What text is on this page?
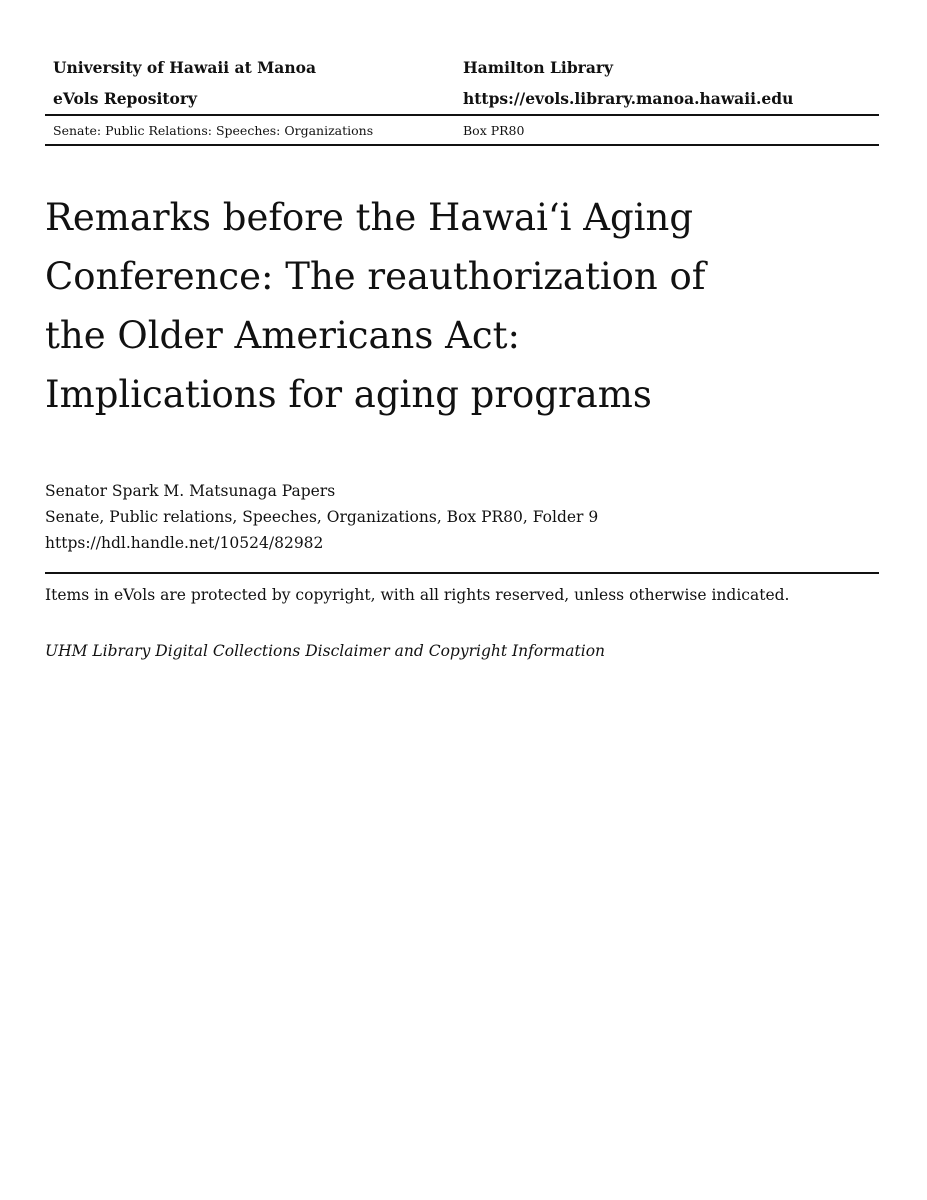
University of Hawaii at Manoa	Hamilton Library
eVols Repository	https://evols.library.manoa.hawaii.edu
Senate: Public Relations: Speeches: Organizations	Box PR80
Remarks before the Hawaiʻi Aging
Conference: The reauthorization of
the Older Americans Act:
Implications for aging programs
Senator Spark M. Matsunaga Papers
Senate, Public relations, Speeches, Organizations, Box PR80, Folder 9
https://hdl.handle.net/10524/82982
Items in eVols are protected by copyright, with all rights reserved, unless otherwise indicated.
UHM Library Digital Collections Disclaimer and Copyright Information
